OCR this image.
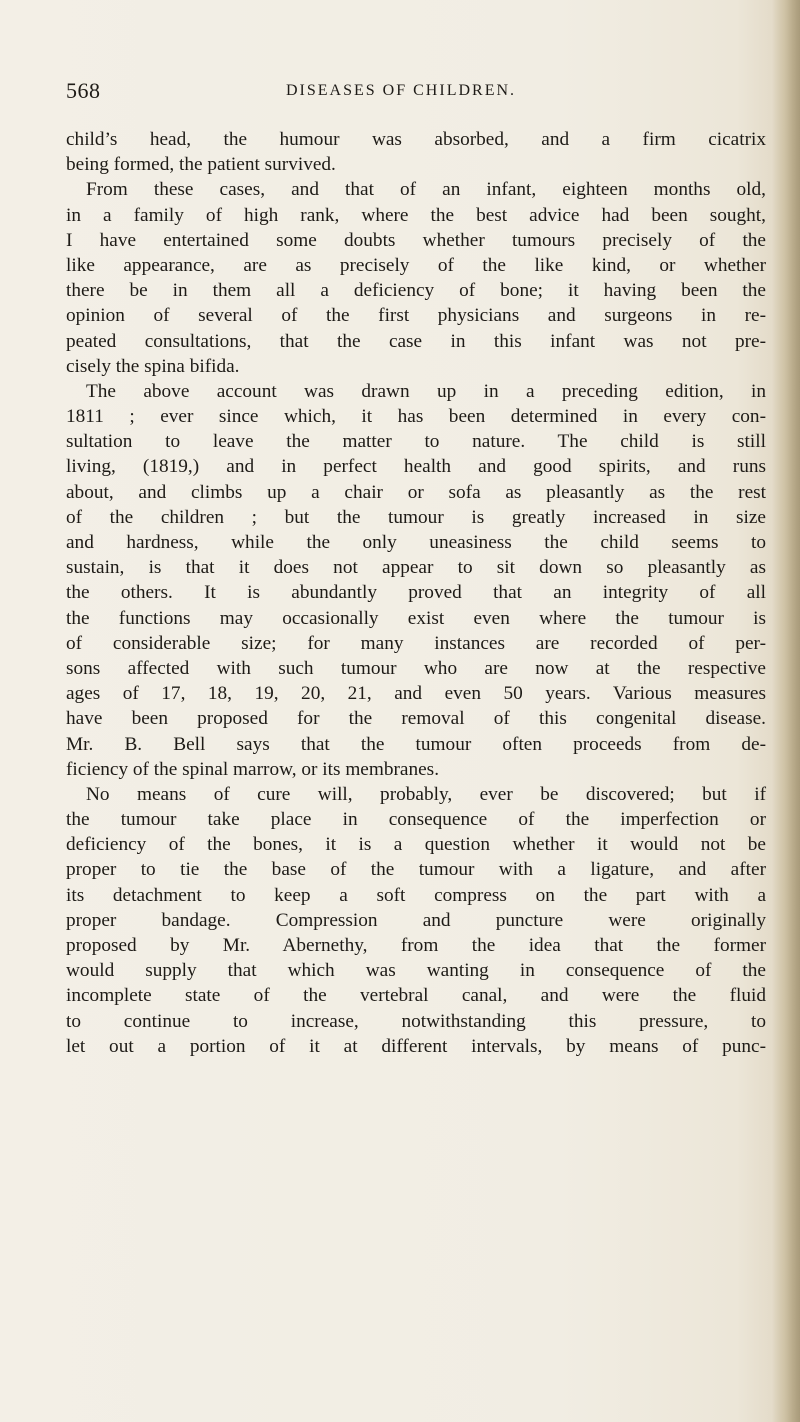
568	DISEASES OF CHILDREN.
child’s head, the humour was absorbed, and a firm cicatrix
being formed, the patient survived.
From these cases, and that of an infant, eighteen months old,
in a family of high rank, where the best advice had been sought,
I have entertained some doubts whether tumours precisely of the
like appearance, are as precisely of the like kind, or whether
there be in them all a deficiency of bone; it having been the
opinion of several of the first physicians and surgeons in re-
peated consultations, that the case in this infant was not pre-
cisely the spina bifida.
The above account was drawn up in a preceding edition, in
1811 ; ever since which, it has been determined in every con-
sultation to leave the matter to nature. The child is still
living, (1819,) and in perfect health and good spirits, and runs
about, and climbs up a chair or sofa as pleasantly as the rest
of the children ; but the tumour is greatly increased in size
and hardness, while the only uneasiness the child seems to
sustain, is that it does not appear to sit down so pleasantly as
the others. It is abundantly proved that an integrity of all
the functions may occasionally exist even where the tumour is
of considerable size; for many instances are recorded of per-
sons affected with such tumour who are now at the respective
ages of 17, 18, 19, 20, 21, and even 50 years. Various measures
have been proposed for the removal of this congenital disease.
Mr. B. Bell says that the tumour often proceeds from de-
ficiency of the spinal marrow, or its membranes.
No means of cure will, probably, ever be discovered; but if
the tumour take place in consequence of the imperfection or
deficiency of the bones, it is a question whether it would not be
proper to tie the base of the tumour with a ligature, and after
its detachment to keep a soft compress on the part with a
proper bandage. Compression and puncture were originally
proposed by Mr. Abernethy, from the idea that the former
would supply that which was wanting in consequence of the
incomplete state of the vertebral canal, and were the fluid
to continue to increase, notwithstanding this pressure, to
let out a portion of it at different intervals, by means of punc-
